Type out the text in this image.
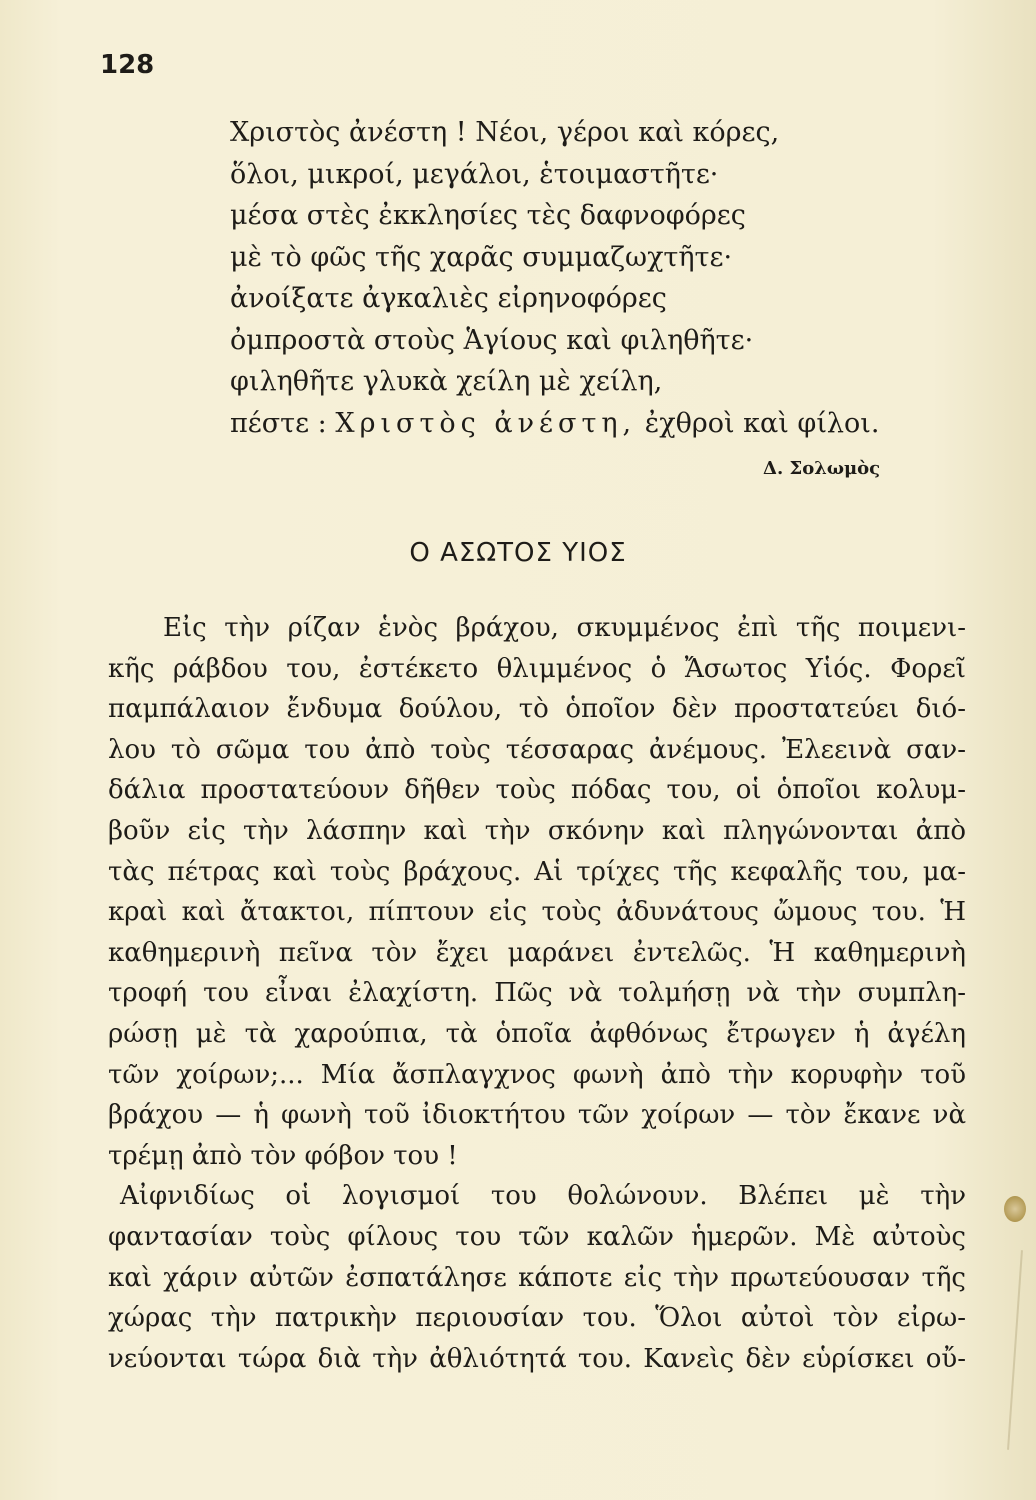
128
Χριστὸς ἀνέστη ! Νέοι, γέροι καὶ κόρες,
ὅλοι, μικροί, μεγάλοι, ἑτοιμαστῆτε·
μέσα στὲς ἐκκλησίες τὲς δαφνοφόρες
μὲ τὸ φῶς τῆς χαρᾶς συμμαζωχτῆτε·
ἀνοίξατε ἀγκαλιὲς εἰρηνοφόρες
ὀμπροστὰ στοὺς Ἁγίους καὶ φιληθῆτε·
φιληθῆτε γλυκὰ χείλη μὲ χείλη,
πέστε : Χριστὸς ἀνέστη, ἐχθροὶ καὶ φίλοι.
Δ. Σολωμὸς
Ο ΑΣΩΤΟΣ ΥΙΟΣ
Εἰς τὴν ρίζαν ἑνὸς βράχου, σκυμμένος ἐπὶ τῆς ποιμενι-
κῆς ράβδου του, ἐστέκετο θλιμμένος ὁ Ἄσωτος Υἱός. Φορεῖ
παμπάλαιον ἔνδυμα δούλου, τὸ ὁποῖον δὲν προστατεύει διό-
λου τὸ σῶμα του ἀπὸ τοὺς τέσσαρας ἀνέμους. Ἐλεεινὰ σαν-
δάλια προστατεύουν δῆθεν τοὺς πόδας του, οἱ ὁποῖοι κολυμ-
βοῦν εἰς τὴν λάσπην καὶ τὴν σκόνην καὶ πληγώνονται ἀπὸ
τὰς πέτρας καὶ τοὺς βράχους. Αἱ τρίχες τῆς κεφαλῆς του, μα-
κραὶ καὶ ἄτακτοι, πίπτουν εἰς τοὺς ἀδυνάτους ὤμους του. Ἡ
καθημερινὴ πεῖνα τὸν ἔχει μαράνει ἐντελῶς. Ἡ καθημερινὴ
τροφή του εἶναι ἐλαχίστη. Πῶς νὰ τολμήσῃ νὰ τὴν συμπλη-
ρώσῃ μὲ τὰ χαρούπια, τὰ ὁποῖα ἀφθόνως ἔτρωγεν ἡ ἀγέλη
τῶν χοίρων;... Μία ἄσπλαγχνος φωνὴ ἀπὸ τὴν κορυφὴν τοῦ
βράχου — ἡ φωνὴ τοῦ ἰδιοκτήτου τῶν χοίρων — τὸν ἔκανε νὰ
τρέμῃ ἀπὸ τὸν φόβον του !
Αἰφνιδίως οἱ λογισμοί του θολώνουν. Βλέπει μὲ τὴν
φαντασίαν τοὺς φίλους του τῶν καλῶν ἡμερῶν. Μὲ αὐτοὺς
καὶ χάριν αὐτῶν ἐσπατάλησε κάποτε εἰς τὴν πρωτεύουσαν τῆς
χώρας τὴν πατρικὴν περιουσίαν του. Ὅλοι αὐτοὶ τὸν εἰρω-
νεύονται τώρα διὰ τὴν ἀθλιότητά του. Κανεὶς δὲν εὑρίσκει οὔ-
